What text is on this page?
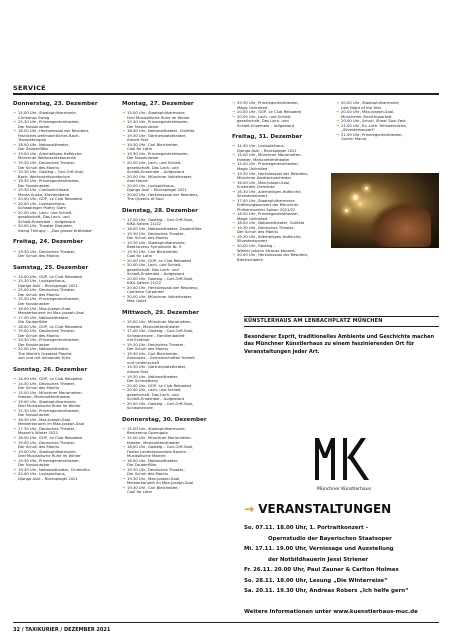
SERVICE
Donnerstag, 23. Dezember
→ 15.00 Uhr, Staatsphilharmonie,
Christmas Swing
→ 15.30 Uhr, Prinzregententheater,
Der Nussknacker
→ 18.00 Uhr, Herkulessaal der Residenz,
Festliches weihnachtliches Bach-
Trompetengala
→ 18.00 Uhr, Nationaltheater,
Der Zauberflöte
→ 19.00 Uhr, Allerheiligen-Hofkirche,
Münchner Weihnachtskonzerte
→ 19.30 Uhr, Deutsches Theater,
Der Schuh des Manitu
→ 19.30 Uhr, Gasteig – Carl-Orff-Saal,
Bach: Weihnachtsoratorium
→ 19.30 Uhr, Prinzregententheater,
Der Nussknacker
→ 19.30 Uhr, Carillonlichtsaie,
Monta Auska, Klavierabend
→ 20.00 Uhr, GOP, Le Club Reloaded
→ 20.00 Uhr, Lustspielhaus,
Schwabinger Poetry Slam
→ 20.00 Uhr, Lach- und Schieß-
gesellschaft, Das Lach- und
Schieß-Ensemble – Aufgestaut
→ 20.00 Uhr, Theater Drehleier,
Swing Therapy – „Das grosse Krähkake“
Freitag, 24. Dezember
→ 19.30 Uhr, Deutsches Theater,
Der Schuh des Manitu
Samstag, 25. Dezember
→ 14.00 Uhr, GOP, Le Club Reloaded
→ 15.30 Uhr, Lustspielhaus,
Django Asül – Rückspiegel 2021
→ 15.00 Uhr, Deutsches Theater,
Der Schuh des Manitu
→ 15.30 Uhr, Prinzregententheater,
Der Nussknacker
→ 16.00 Uhr, Max-Joseph-Saal,
Meisterkonzert im Max-Joseph-Saal
→ 17.00 Uhr, Nationaltheater,
Die Zauberflöte
→ 18.00 Uhr, GOP, Le Club Reloaded
→ 19.00 Uhr, Deutsches Theater,
Der Schuh des Manitu
→ 19.30 Uhr, Prinzregententheater,
Der Nussknacker
→ 20.00 Uhr, Nationaltheater,
The World's Greatest Playlist
von und mit Alexander Kritz
Sonntag, 26. Dezember
→ 14.00 Uhr, GOP, Le Club Reloaded
→ 14.30 Uhr, Deutsches Theater,
Der Schuh des Manitu
→ 15.00 Uhr, Münchner Marionetten-
theater, Marionettentheater
→ 15.00 Uhr, Staatsphilharmonie,
Drei Musikalische Ruhe im Winter
→ 15.30 Uhr, Prinzregententheater,
Der Nussknacker
→ 16.30 Uhr, Max-Joseph-Saal,
Meisterkonzert im Max-Joseph-Saal
→ 17.30 Uhr, Deutsches Theater,
Mozart's Winter 2021
→ 18.00 Uhr, GOP, Le Club Reloaded
→ 19.00 Uhr, Deutsches Theater,
Der Schuh des Manitu
→ 19.00 Uhr, Staatsphilharmonie,
Drei Musikalische Ruhe im Winter
→ 19.30 Uhr, Prinzregententheater,
Der Nussknacker
→ 19.30 Uhr, Nationaltheater, Cinderella
→ 20.00 Uhr, Lustspielhaus,
Django Asül – Rückspiegel 2021
Montag, 27. Dezember
→ 15.00 Uhr, Staatsphilharmonie,
Drei Musikalische Ruhe im Winter
→ 15.30 Uhr, Prinzregententheater,
Der Nussknacker
→ 18.00 Uhr, Nationaltheater, Guillitta
→ 19.30 Uhr, Gärtnerplatztheater,
Amore Fest
→ 19.30 Uhr, Carl Bleichelder,
Cool for Latin
→ 19.30 Uhr, Prinzregententheater,
Der Nussknacker
→ 20.00 Uhr, Lach- und Schieß-
gesellschaft, Das Lach- und
Schieß-Ensemble – Aufgestaut
→ 20.00 Uhr, Münchner Volkstheater,
Axel Hacke
→ 20.00 Uhr, Lustspielhaus,
Django Asül – Rückspiegel 2021
→ 20.00 Uhr, Herkulessaal der Residenz,
The Queens of Soul
Dienstag, 28. Dezember
→ 17.00 Uhr, Gasteig – Carl-Orff-Saal,
KiKA Salsen 21/22
→ 18.00 Uhr, Nationaltheater, Zauberflöte
→ 19.30 Uhr, Deutsches Theater,
Der Schuh des Manitu
→ 19.30 Uhr, Staatsphilharmonie,
Beethovens Symphonie Nr. 9
→ 19.30 Uhr, Carl Bleichelder,
Cool for Latin
→ 20.00 Uhr, GOP, Le Club Reloaded
→ 20.00 Uhr, Lach- und Schieß-
gesellschaft, Das Lach- und
Schieß-Ensemble – Aufgestaut
→ 20.00 Uhr, Gasteig – Carl-Orff-Saal,
KiKA Salsen 21/22
→ 20.00 Uhr, Herkulessaal der Residenz,
Cameron Carpenter
→ 20.00 Uhr, Münchner Volkstheater,
Max Goldt
Mittwoch, 29. Dezember
→ 15.00 Uhr, Münchner Marionetten-
theater, Marionettentheater
→ 17.00 Uhr, Gasteig – Carl-Orff-Saal,
Schwanensee – Familienballett
mit Erzähler
→ 19.30 Uhr, Deutsches Theater,
Der Schuh des Manitu
→ 19.30 Uhr, Carl Bleichelder,
Amanaxis – Gemeinschaften freiheit
und Leidenschaft
→ 19.30 Uhr, Gärtnerplatztheater,
Amore Fest
→ 19.30 Uhr, Nationaltheater,
Der Schmetberg
→ 20.00 Uhr, GOP, Le Club Reloaded
→ 20.00 Uhr, Lach- und Schieß-
gesellschaft, Das Lach- und
Schieß-Ensemble – Aufgestaut
→ 20.00 Uhr, Gasteig – Carl-Orff-Saal,
Schwanensee
Donnerstag, 30. Dezember
→ 15.00 Uhr, Staatsphilharmonie,
Beniamino Operngala
→ 15.00 Uhr, Münchner Marionetten-
theater, Marionettentheater
→ 18.00 Uhr, Gasteig – Carl-Orff-Saal,
Festes Landesensemble Bayern –
Musikalische Malerei
→ 18.00 Uhr, Nationaltheater,
Die Zauberflöte
→ 19.30 Uhr, Deutsches Theater,
Der Schuh des Manitu
→ 19.30 Uhr, Max-Joseph-Saal,
Meisterkonzert im Max-Joseph-Saal
→ 19.30 Uhr, Carl Bleichelder,
Cool for Latin
→ 19.30 Uhr, Prinzregententheater,
Magic Unlimited
→ 20.00 Uhr, GOP, Le Club Reloaded
→ 20.00 Uhr, Lach- und Schieß-
gesellschaft, Das Lach- und
Schieß-Ensemble – Aufgestaut
Freitag, 31. Dezember
→ 14.30 Uhr, Lustspielhaus,
Django Asül – Rückspiegel 2021
→ 15.00 Uhr, Münchner Marionetten-
theater, Marionettentheater
→ 15.00 Uhr, Prinzregententheater,
Magic Unlimited
→ 15.30 Uhr, Herkulessaal der Residenz,
Münchner Kardfachorchester
→ 16.00 Uhr, Max-Joseph-Saal,
Ensemble Clemente
→ 16.30 Uhr, Allerheiligen-Hofkirche,
Silvesterkonzert
→ 17.00 Uhr, Staatsphilharmonie,
Eröffnungskonzert der Münchner
Philharmoniker Saison 2021/22
→ 18.00 Uhr, Prinzregententheater,
Magic Unlimited
→ 18.00 Uhr, Nationaltheater, Guillitta
→ 19.30 Uhr, Deutsches Theater,
Der Schuh des Manitu
→ 19.30 Uhr, Allerheiligen-Hofkirche,
Silvesterkonzert
→ 20.00 Uhr, Gasteig –
Wiener Johann Strauss Konzert
→ 20.00 Uhr, Herkulessaal der Residenz,
Blechschaden
→ 20.00 Uhr, Staatsphilharmonie,
Last Night of the Year
→ 20.00 Uhr, Max-Joseph-Saal,
Münchener Streichquartett
→ 20.00 Uhr, Schuh, Show: Soul-Fest
→ 21.00 Uhr, Ev.-Luth. Hilfswerkliche,
„Silvesterkonzert“
→ 21.00 Uhr, Prinzregententheater,
Guerin Mauro
KÜNSTLERHAUS AM LENBACHPLATZ MÜNCHEN
Besonderer Esprit, traditionelles Ambiente und Geschichte machen das Münchner Künstlerhaus zu einem faszinierenden Ort für Veranstaltungen jeder Art.
Münchner Künstlerhaus
→ VERANSTALTUNGEN
So. 07.11. 18.00 Uhr, 1. Portraitkonzert –
Opernstudio der Bayerischen Staatsoper
Mi. 17.11. 19.00 Uhr, Vernissage und Ausstellung
der Notbildhauerin Jessi Striener
Fr. 26.11. 20.00 Uhr, Paul Zauner & Carlton Holmes
So. 28.11. 18.00 Uhr, Lesung „Die Winterreise“
Sa. 20.11. 19.30 Uhr, Andreas Robers „Ich helfe gern“
Weitere Informationen unter www.kuenstlerhaus-muc.de
32 / TAXIKURIER / DEZEMBER 2021
